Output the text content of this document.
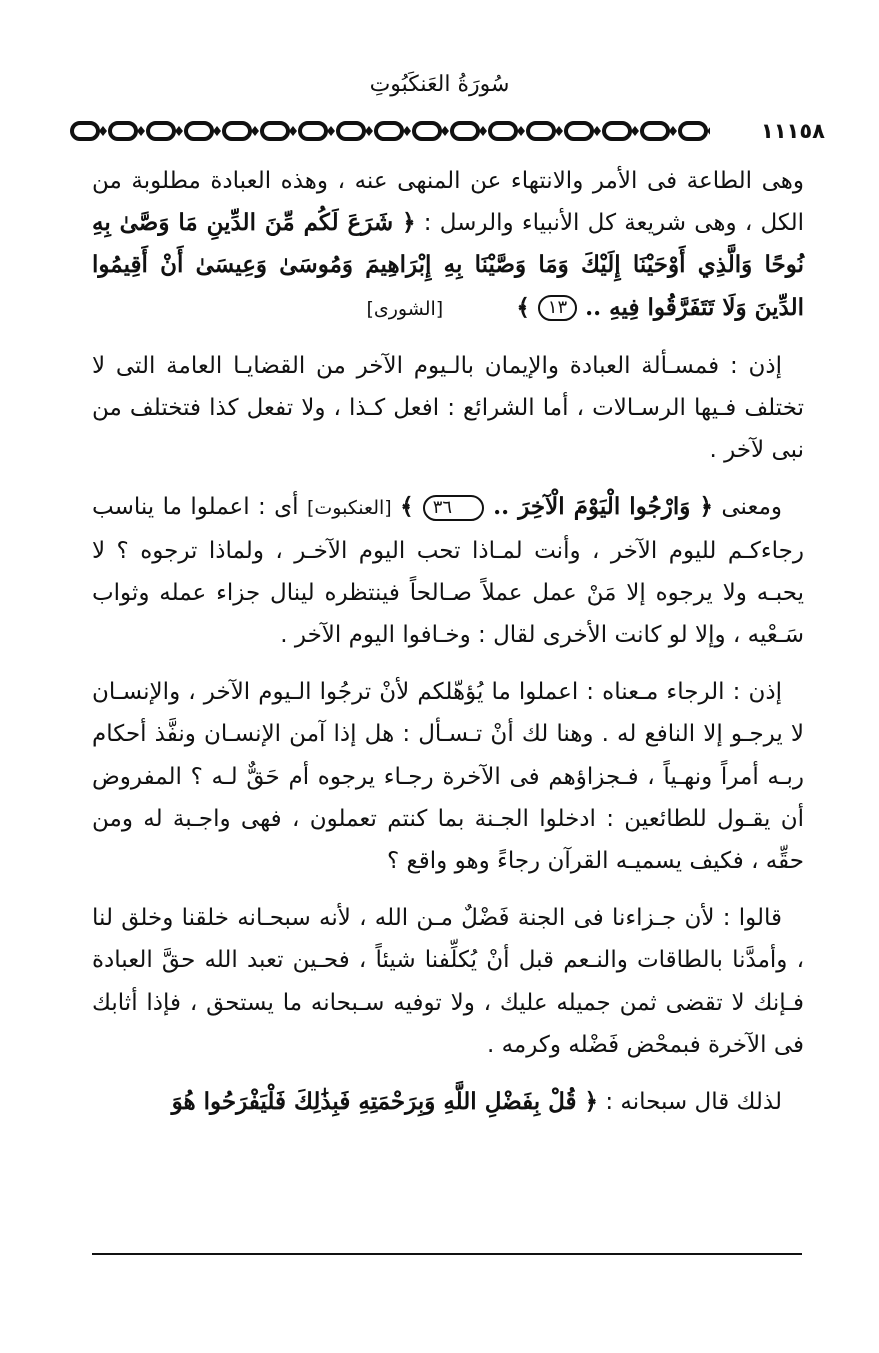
سُورَةُ العَنكَبُوتِ
١١١٥٨

وهى الطاعة فى الأمر والانتهاء عن المنهى عنه ، وهذه العبادة مطلوبة من الكل ، وهى شريعة كل الأنبياء والرسل : ﴿ شَرَعَ لَكُم مِّنَ الدِّينِ مَا وَصَّىٰ بِهِ نُوحًا وَالَّذِي أَوْحَيْنَا إِلَيْكَ وَمَا وَصَّيْنَا بِهِ إِبْرَاهِيمَ وَمُوسَىٰ وَعِيسَىٰ أَنْ أَقِيمُوا الدِّينَ وَلَا تَتَفَرَّقُوا فِيهِ .. ١٣ ﴾          [الشورى]

إذن : فمسـألة العبادة والإيمان بالـيوم الآخر من القضايـا العامة التى لا تختلف فـيها الرسـالات ، أما الشرائع : افعل كـذا ، ولا تفعل كذا فتختلف من نبى لآخر .

ومعنى ﴿ وَارْجُوا الْيَوْمَ الْآخِرَ .. ٣٦ ﴾ [العنكبوت] أى : اعملوا ما يناسب رجاءكـم لليوم الآخر ، وأنت لمـاذا تحب اليوم الآخـر ، ولماذا ترجوه ؟ لا يحبـه ولا يرجوه إلا مَنْ عمل عملاً صـالحاً فينتظره لينال جزاء عمله وثواب سَـعْيه ، وإلا لو كانت الأخرى لقال : وخـافوا اليوم الآخر .

إذن : الرجاء مـعناه : اعملوا ما يُؤهّلكم لأنْ ترجُوا الـيوم الآخر ، والإنسـان لا يرجـو إلا النافع له . وهنا لك أنْ تـسـأل : هل إذا آمن الإنسـان ونفَّذ أحكام ربـه أمراً ونهـياً ، فـجزاؤهم فى الآخرة رجـاء يرجوه أم حَقٌّ لـه ؟ المفروض أن يقـول للطائعين : ادخلوا الجـنة بما كنتم تعملون ، فهى واجـبة له ومن حقِّه ، فكيف يسميـه القرآن رجاءً وهو واقع ؟

قالوا : لأن جـزاءنا فى الجنة فَضْلٌ مـن الله ، لأنه سبحـانه خلقنا وخلق لنا ، وأمدَّنا بالطاقات والنـعم قبل أنْ يُكلِّفنا شيئاً ، فحـين تعبد الله حقَّ العبادة فـإنك لا تقضى ثمن جميله عليك ، ولا توفيه سـبحانه ما يستحق ، فإذا أثابك فى الآخرة فبمحْض فَضْله وكرمه .

لذلك قال سبحانه : ﴿ قُلْ بِفَضْلِ اللَّهِ وَبِرَحْمَتِهِ فَبِذَٰلِكَ فَلْيَفْرَحُوا هُوَ
